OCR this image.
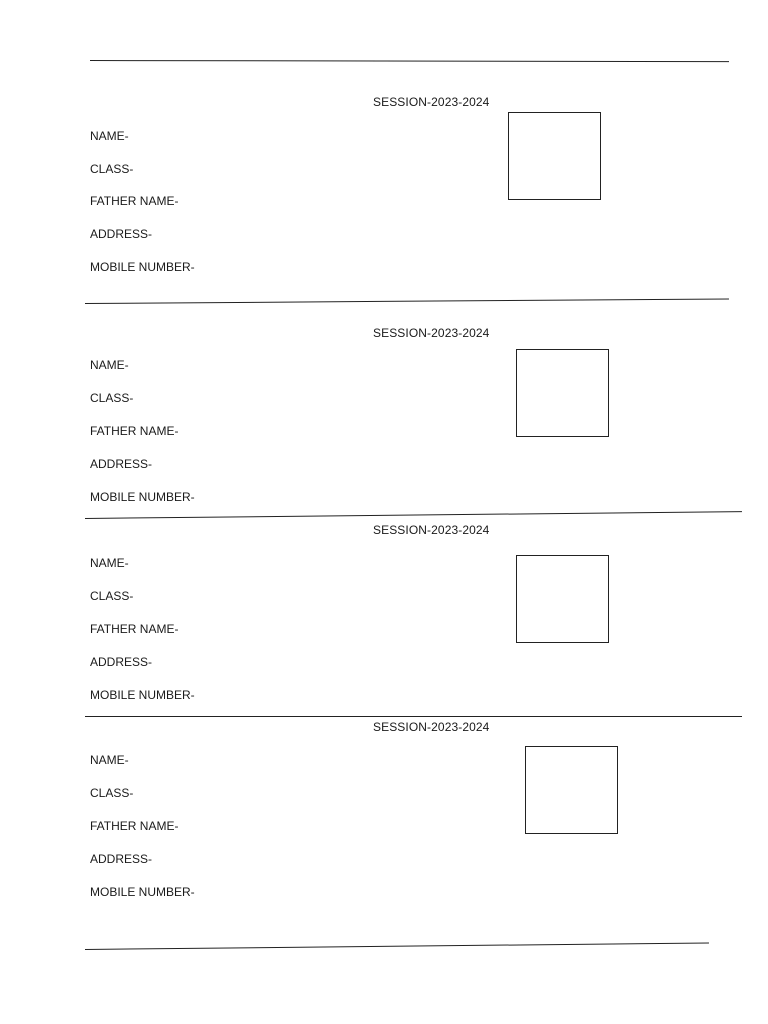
SESSION-2023-2024
NAME-
CLASS-
FATHER NAME-
ADDRESS-
MOBILE NUMBER-
SESSION-2023-2024
NAME-
CLASS-
FATHER NAME-
ADDRESS-
MOBILE NUMBER-
SESSION-2023-2024
NAME-
CLASS-
FATHER NAME-
ADDRESS-
MOBILE NUMBER-
SESSION-2023-2024
NAME-
CLASS-
FATHER NAME-
ADDRESS-
MOBILE NUMBER-
